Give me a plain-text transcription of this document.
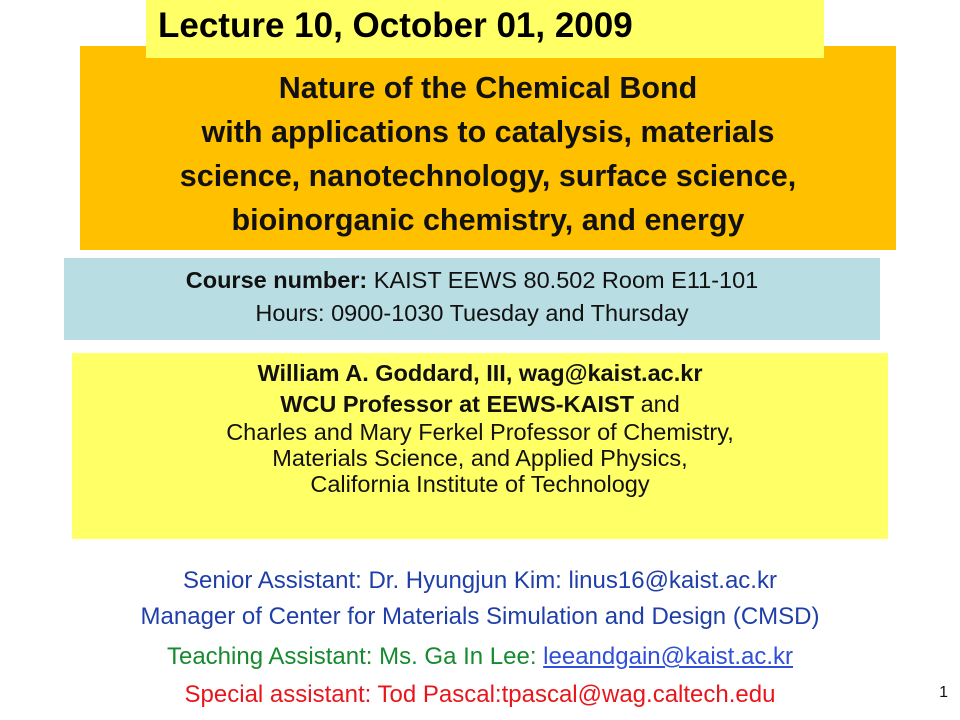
Nature of the Chemical Bond
with applications to catalysis, materials
science, nanotechnology, surface science,
bioinorganic chemistry, and energy
Lecture 10, October 01, 2009
Course number: KAIST EEWS 80.502 Room E11-101
Hours: 0900-1030 Tuesday and Thursday
William A. Goddard, III, wag@kaist.ac.kr
WCU Professor at EEWS-KAIST and
Charles and Mary Ferkel Professor of Chemistry,
Materials Science, and Applied Physics,
California Institute of Technology
Senior Assistant: Dr. Hyungjun Kim: linus16@kaist.ac.kr
Manager of Center for Materials Simulation and Design (CMSD)
Teaching Assistant: Ms. Ga In Lee: leeandgain@kaist.ac.kr
Special assistant: Tod Pascal:tpascal@wag.caltech.edu	1
